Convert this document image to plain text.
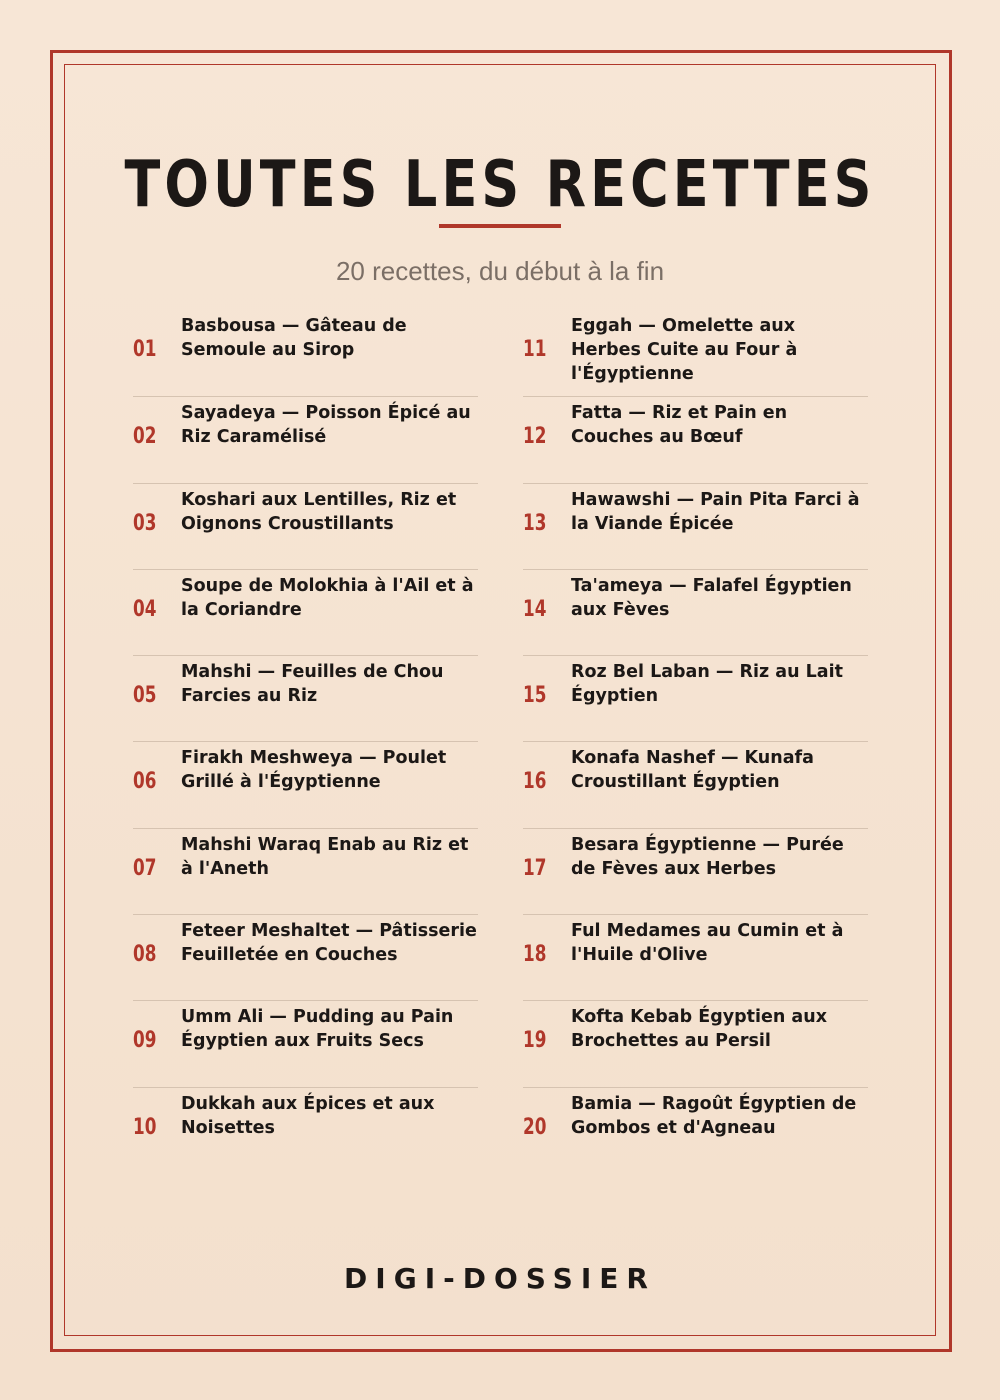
TOUTES LES RECETTES
20 recettes, du début à la fin
01
Basbousa — Gâteau de Semoule au Sirop
02
Sayadeya — Poisson Épicé au Riz Caramélisé
03
Koshari aux Lentilles, Riz et Oignons Croustillants
04
Soupe de Molokhia à l'Ail et à la Coriandre
05
Mahshi — Feuilles de Chou Farcies au Riz
06
Firakh Meshweya — Poulet Grillé à l'Égyptienne
07
Mahshi Waraq Enab au Riz et à l'Aneth
08
Feteer Meshaltet — Pâtisserie Feuilletée en Couches
09
Umm Ali — Pudding au Pain Égyptien aux Fruits Secs
10
Dukkah aux Épices et aux Noisettes
11
Eggah — Omelette aux Herbes Cuite au Four à l'Égyptienne
12
Fatta — Riz et Pain en Couches au Bœuf
13
Hawawshi — Pain Pita Farci à la Viande Épicée
14
Ta'ameya — Falafel Égyptien aux Fèves
15
Roz Bel Laban — Riz au Lait Égyptien
16
Konafa Nashef — Kunafa Croustillant Égyptien
17
Besara Égyptienne — Purée de Fèves aux Herbes
18
Ful Medames au Cumin et à l'Huile d'Olive
19
Kofta Kebab Égyptien aux Brochettes au Persil
20
Bamia — Ragoût Égyptien de Gombos et d'Agneau
DIGI-DOSSIER
